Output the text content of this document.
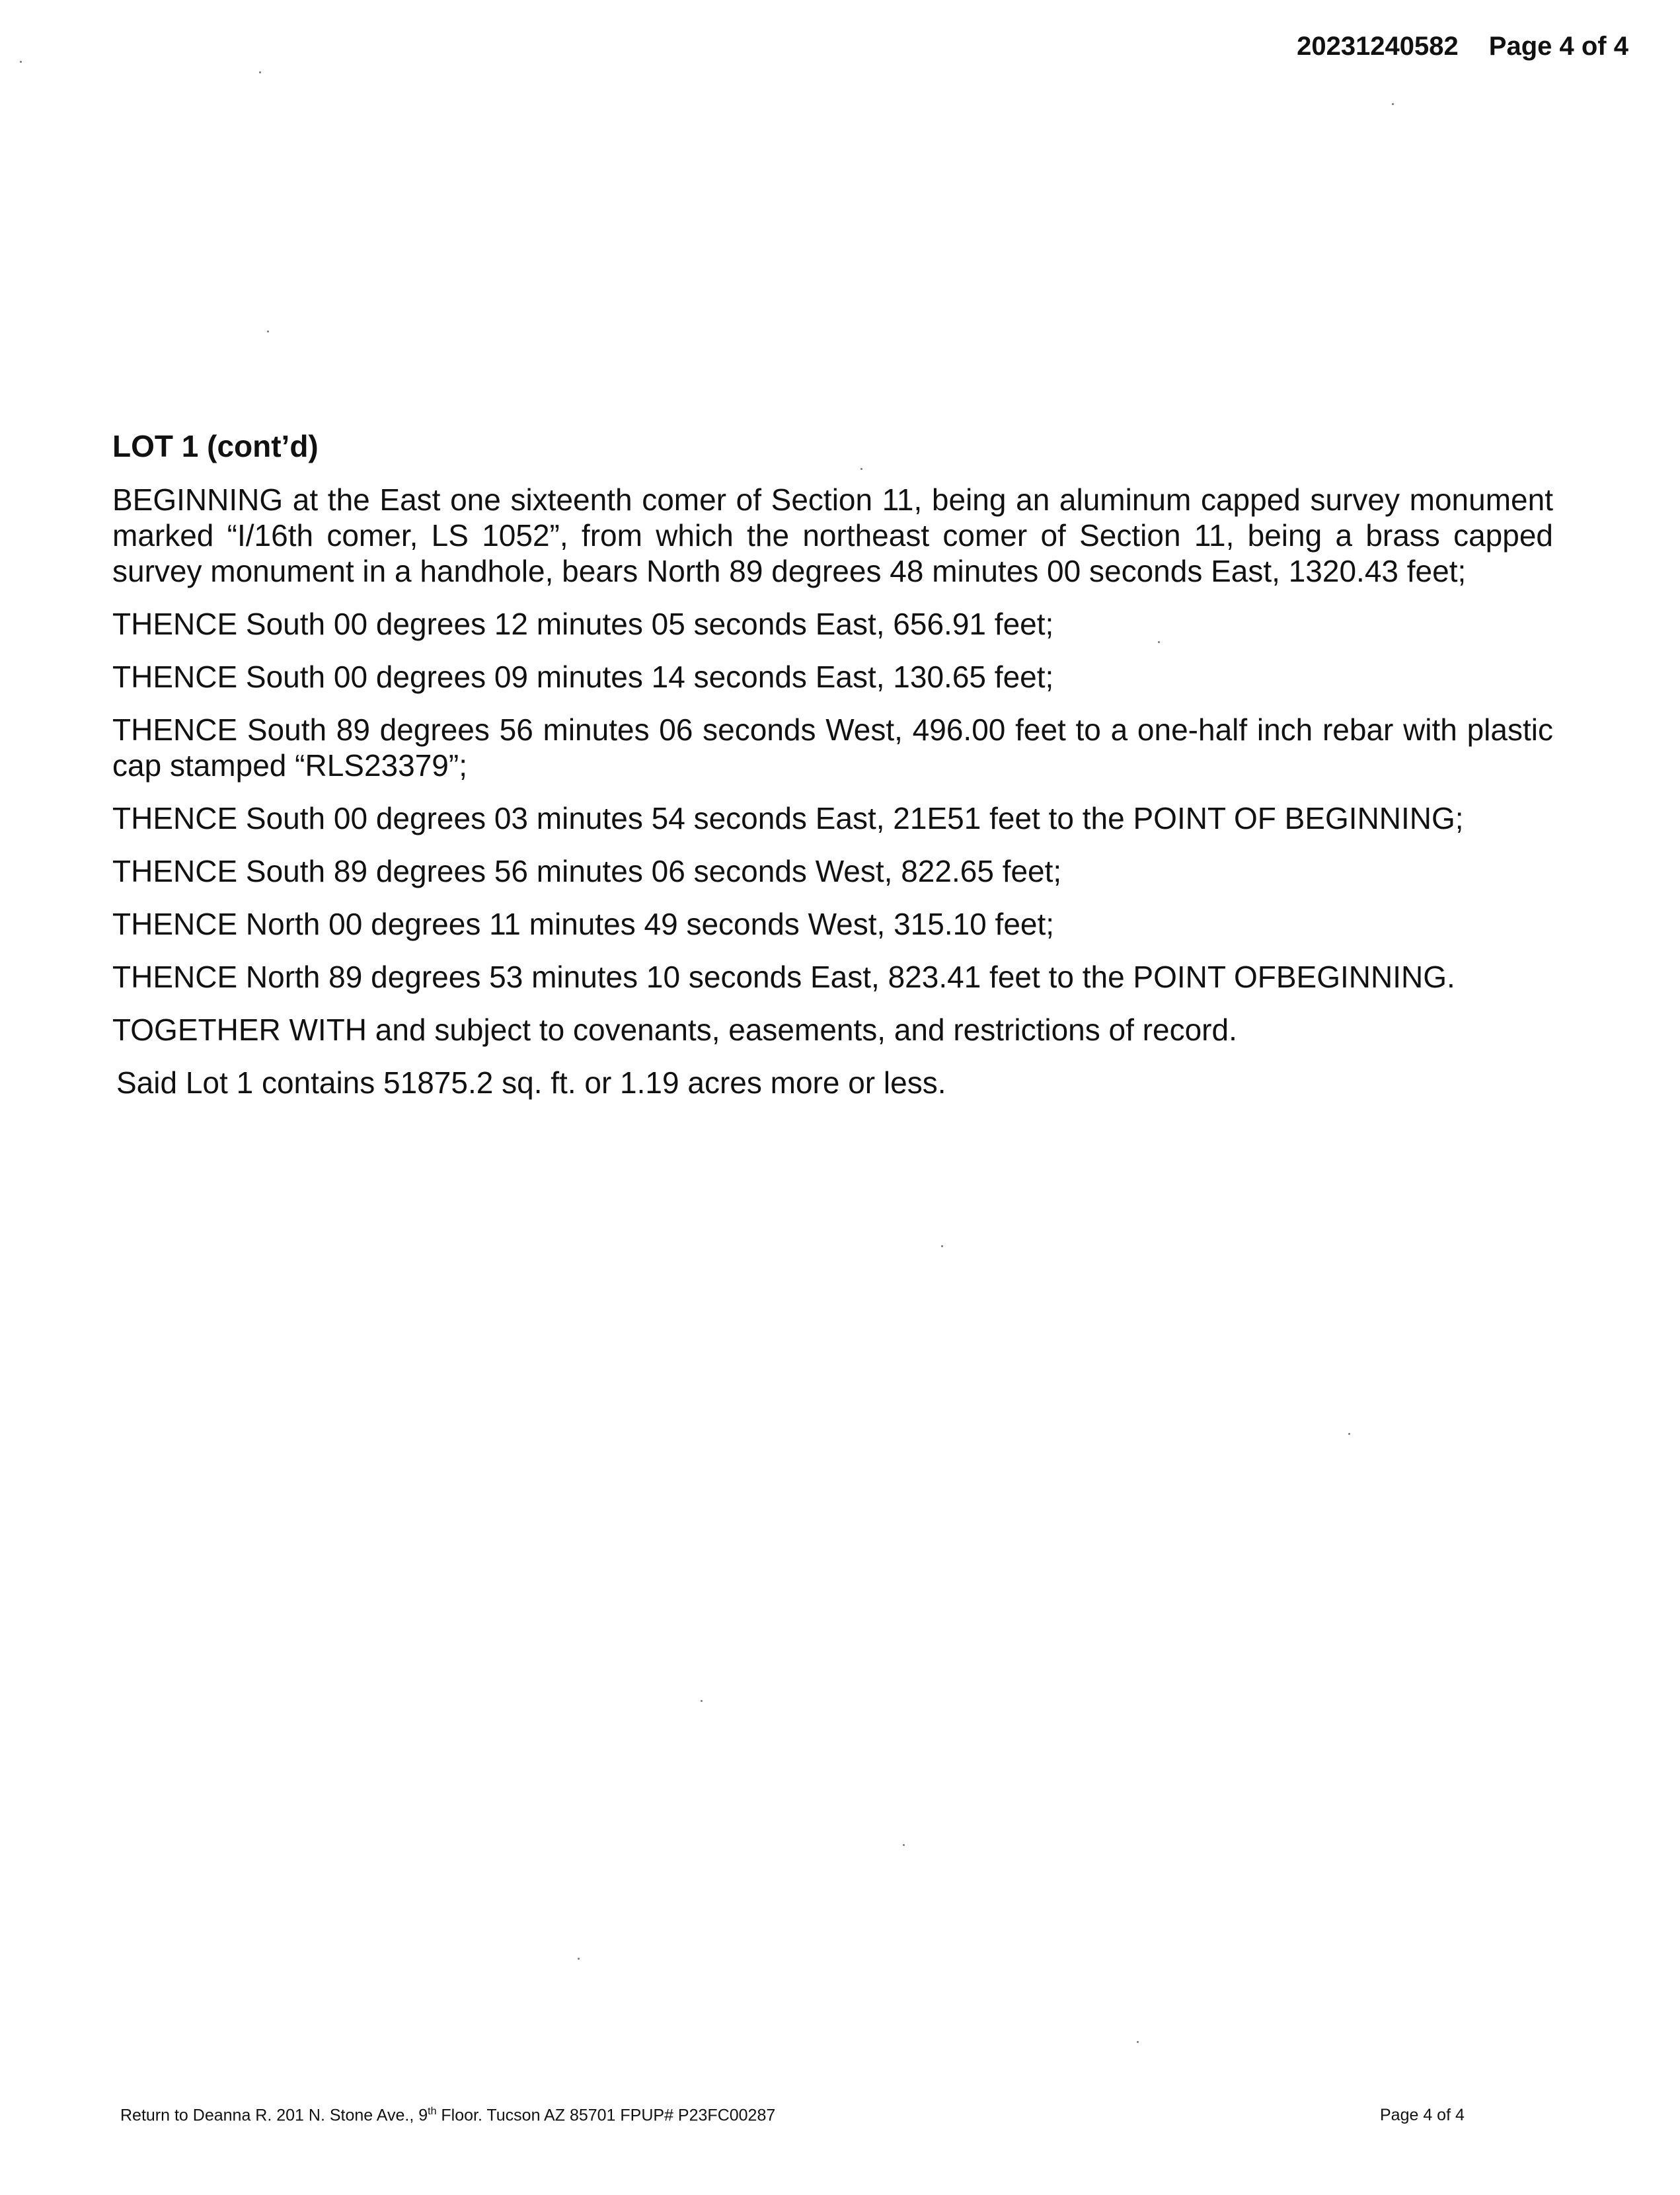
20231240582 Page 4 of 4
LOT 1 (cont’d)

BEGINNING at the East one sixteenth comer of Section 11, being an aluminum capped survey monument marked “I/16th comer, LS 1052”, from which the northeast comer of Section 11, being a brass capped survey monument in a handhole, bears North 89 degrees 48 minutes 00 seconds East, 1320.43 feet;

THENCE South 00 degrees 12 minutes 05 seconds East, 656.91 feet;

THENCE South 00 degrees 09 minutes 14 seconds East, 130.65 feet;

THENCE South 89 degrees 56 minutes 06 seconds West, 496.00 feet to a one-half inch rebar with plastic cap stamped “RLS23379”;

THENCE South 00 degrees 03 minutes 54 seconds East, 21E51 feet to the POINT OF BEGINNING;

THENCE South 89 degrees 56 minutes 06 seconds West, 822.65 feet;

THENCE North 00 degrees 11 minutes 49 seconds West, 315.10 feet;

THENCE North 89 degrees 53 minutes 10 seconds East, 823.41 feet to the POINT OFBEGINNING.

TOGETHER WITH and subject to covenants, easements, and restrictions of record.

Said Lot 1 contains 51875.2 sq. ft. or 1.19 acres more or less.

Return to Deanna R. 201 N. Stone Ave., 9th Floor. Tucson AZ 85701 FPUP# P23FC00287	Page 4 of 4
